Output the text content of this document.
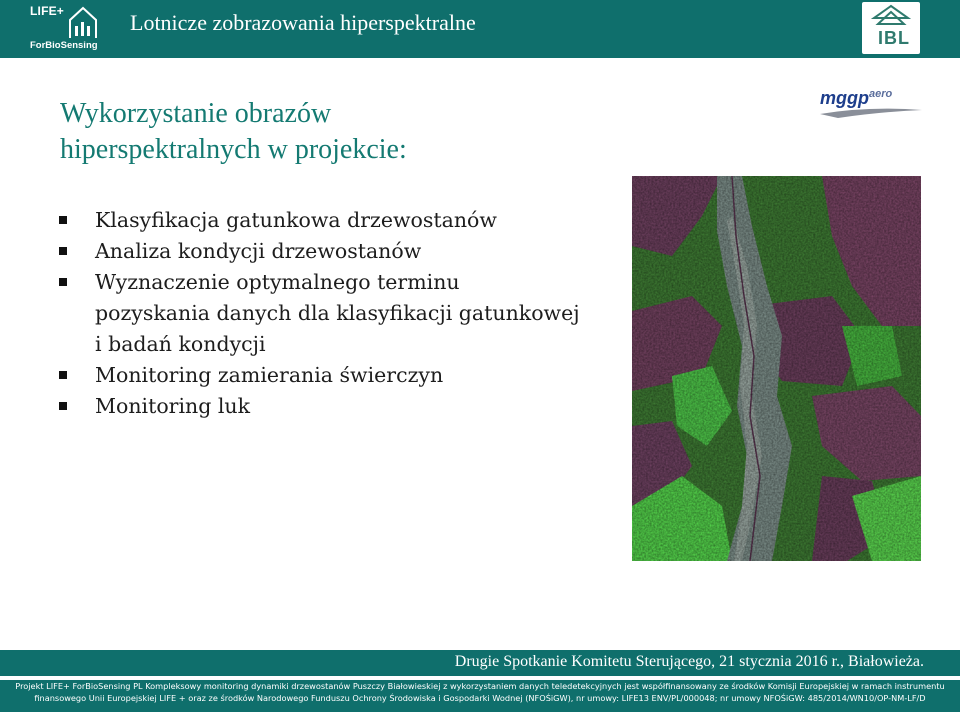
LIFE+
ForBioSensing
Lotnicze zobrazowania hiperspektralne
IBL
mggp$^{aero}$
Wykorzystanie obrazów
hiperspektralnych w projekcie:
Klasyfikacja gatunkowa drzewostanów
Analiza kondycji drzewostanów
Wyznaczenie optymalnego terminu
pozyskania danych dla klasyfikacji gatunkowej
i badań kondycji
Monitoring zamierania świerczyn
Monitoring luk
Drugie Spotkanie Komitetu Sterującego, 21 stycznia 2016 r., Białowieża.
Projekt LIFE+ ForBioSensing PL Kompleksowy monitoring dynamiki drzewostanów Puszczy Białowieskiej z wykorzystaniem danych teledetekcyjnych jest współfinansowany ze środków Komisji Europejskiej w ramach instrumentu finansowego Unii Europejskiej LIFE + oraz ze środków Narodowego Funduszu Ochrony Środowiska i Gospodarki Wodnej (NFOŚiGW), nr umowy: LIFE13 ENV/PL/000048; nr umowy NFOŚiGW: 485/2014/WN10/OP-NM-LF/D
